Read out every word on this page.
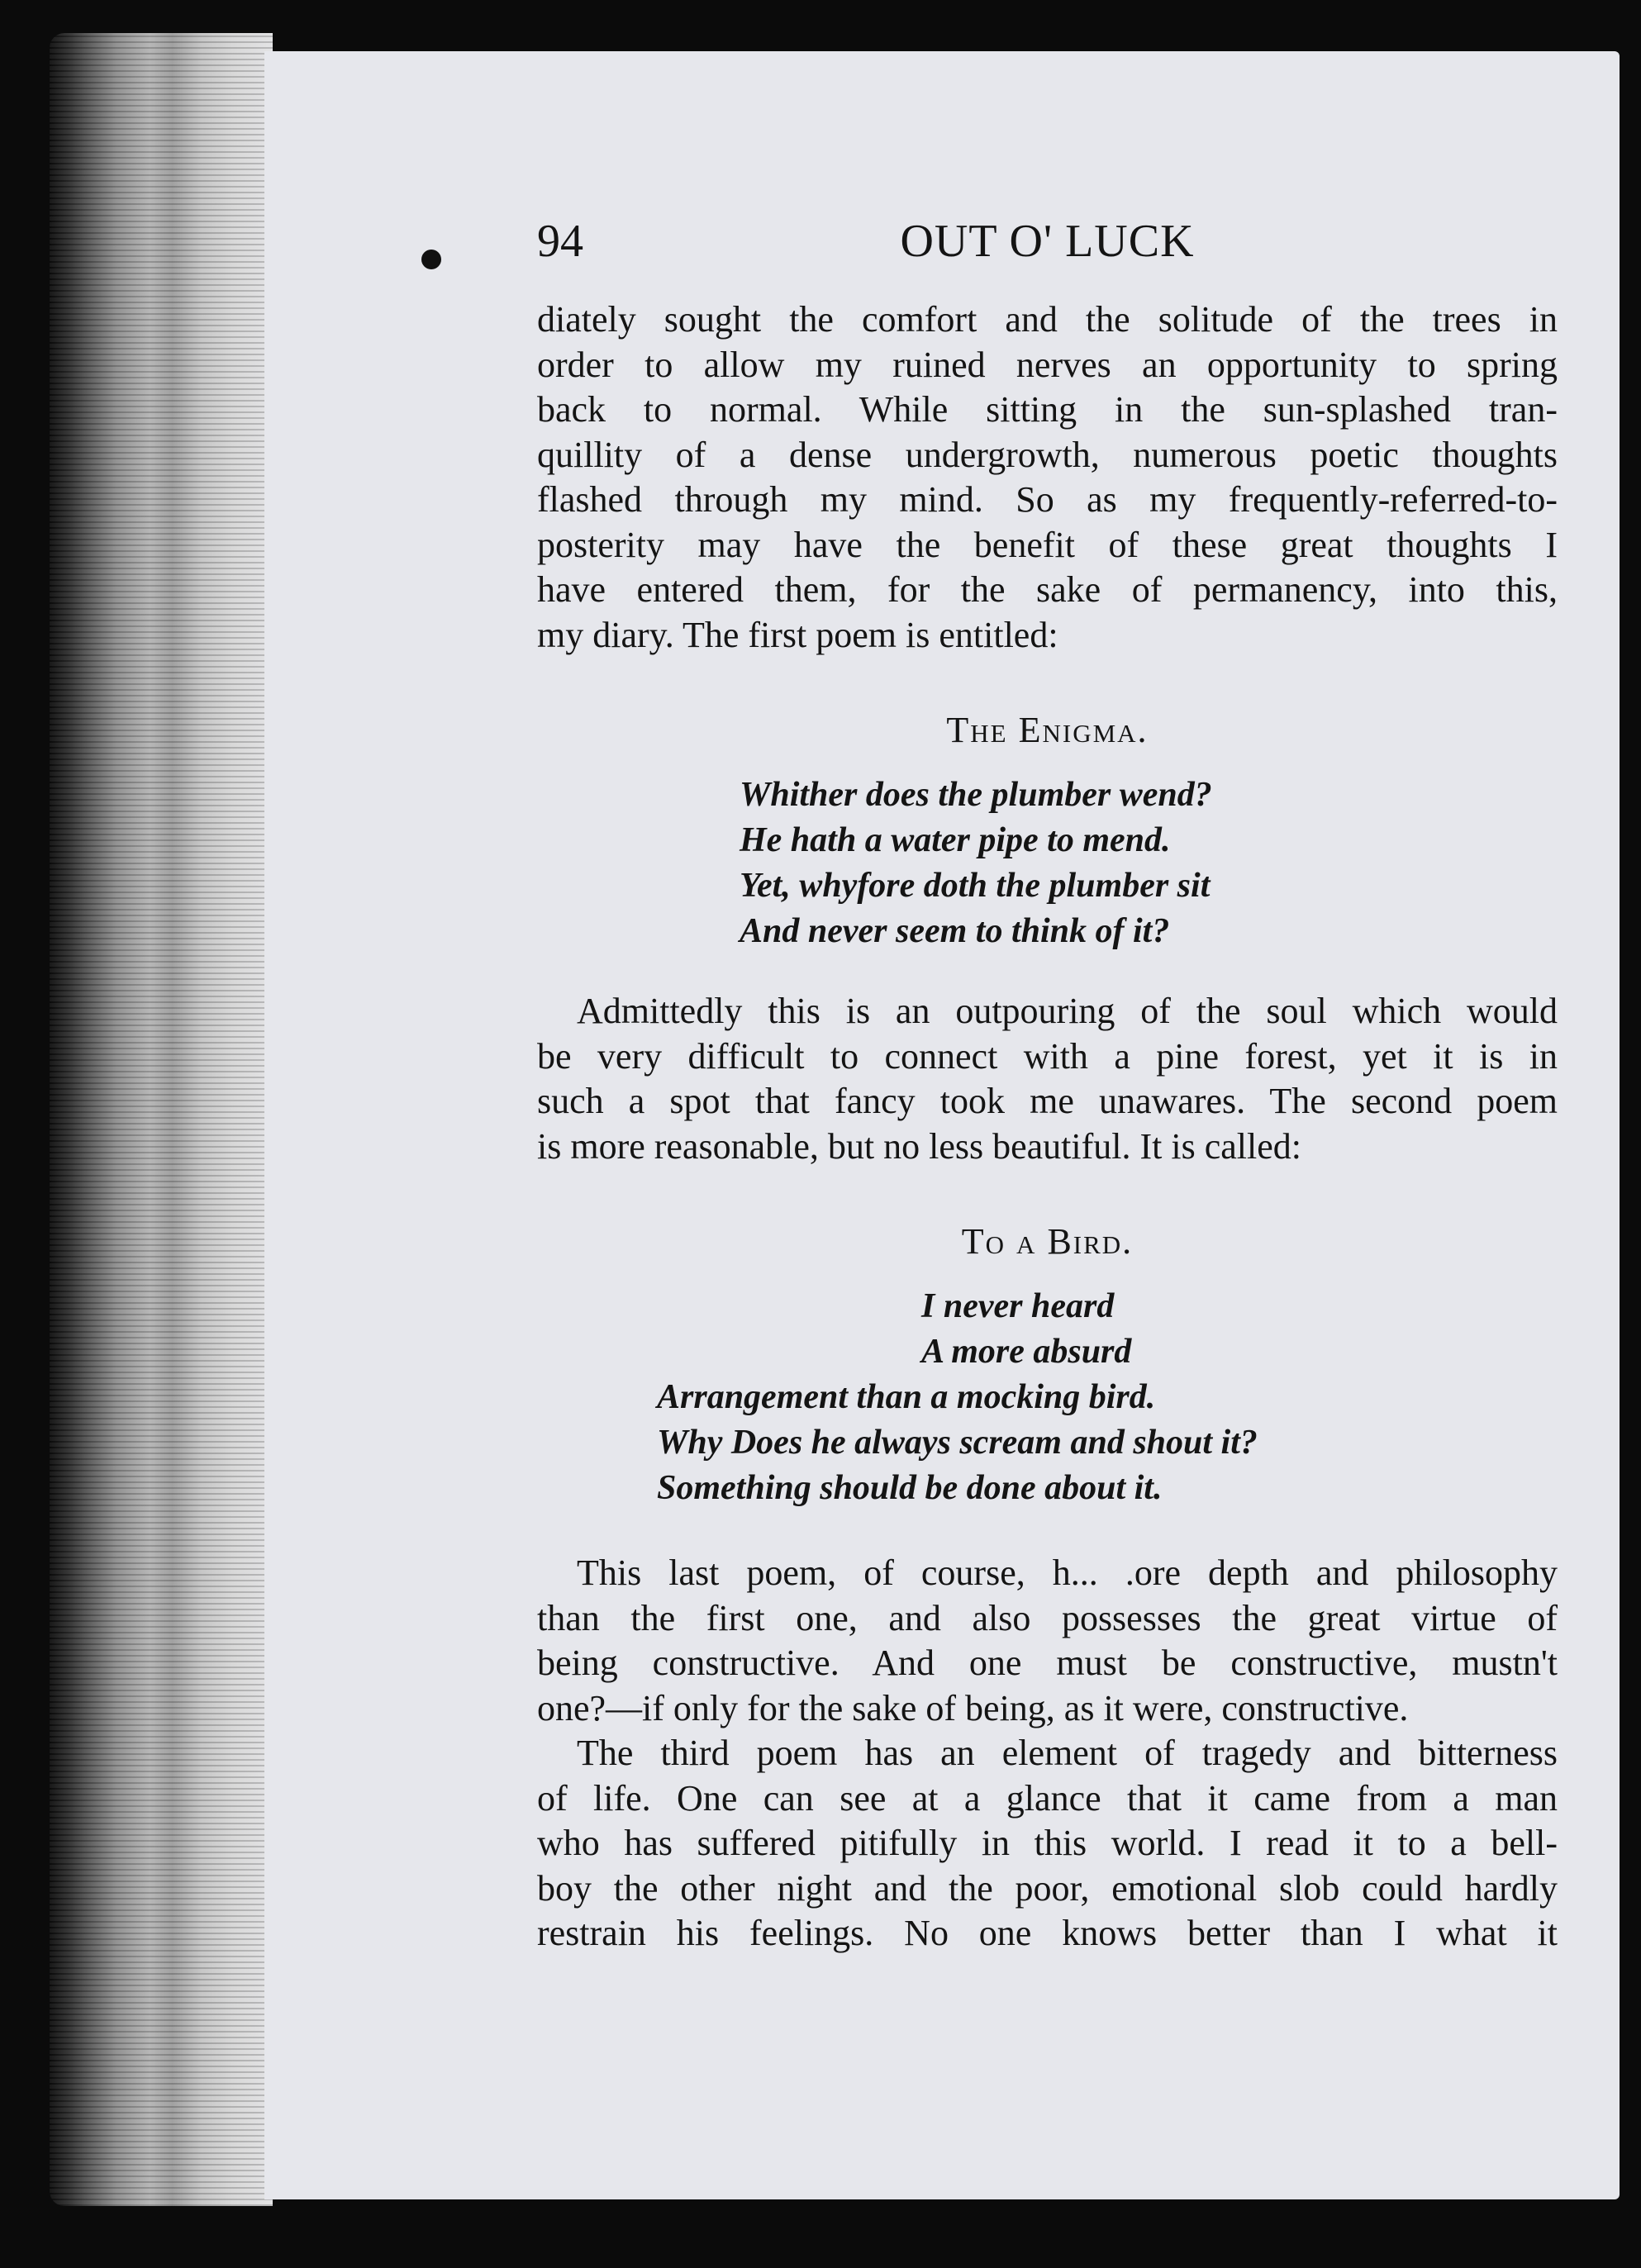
94	OUT O' LUCK

diately sought the comfort and the solitude of the trees in
order to allow my ruined nerves an opportunity to spring
back to normal. While sitting in the sun-splashed tran-
quillity of a dense undergrowth, numerous poetic thoughts
flashed through my mind. So as my frequently-referred-to-
posterity may have the benefit of these great thoughts I
have entered them, for the sake of permanency, into this,
my diary. The first poem is entitled:

The Enigma.

Whither does the plumber wend?
He hath a water pipe to mend.
Yet, whyfore doth the plumber sit
And never seem to think of it?

Admittedly this is an outpouring of the soul which would
be very difficult to connect with a pine forest, yet it is in
such a spot that fancy took me unawares. The second poem
is more reasonable, but no less beautiful. It is called:

To a Bird.

I never heard
A more absurd
Arrangement than a mocking bird.
Why Does he always scream and shout it?
Something should be done about it.

This last poem, of course, h... .ore depth and philosophy
than the first one, and also possesses the great virtue of
being constructive. And one must be constructive, mustn't
one?—if only for the sake of being, as it were, constructive.

The third poem has an element of tragedy and bitterness
of life. One can see at a glance that it came from a man
who has suffered pitifully in this world. I read it to a bell-
boy the other night and the poor, emotional slob could hardly
restrain his feelings. No one knows better than I what it
